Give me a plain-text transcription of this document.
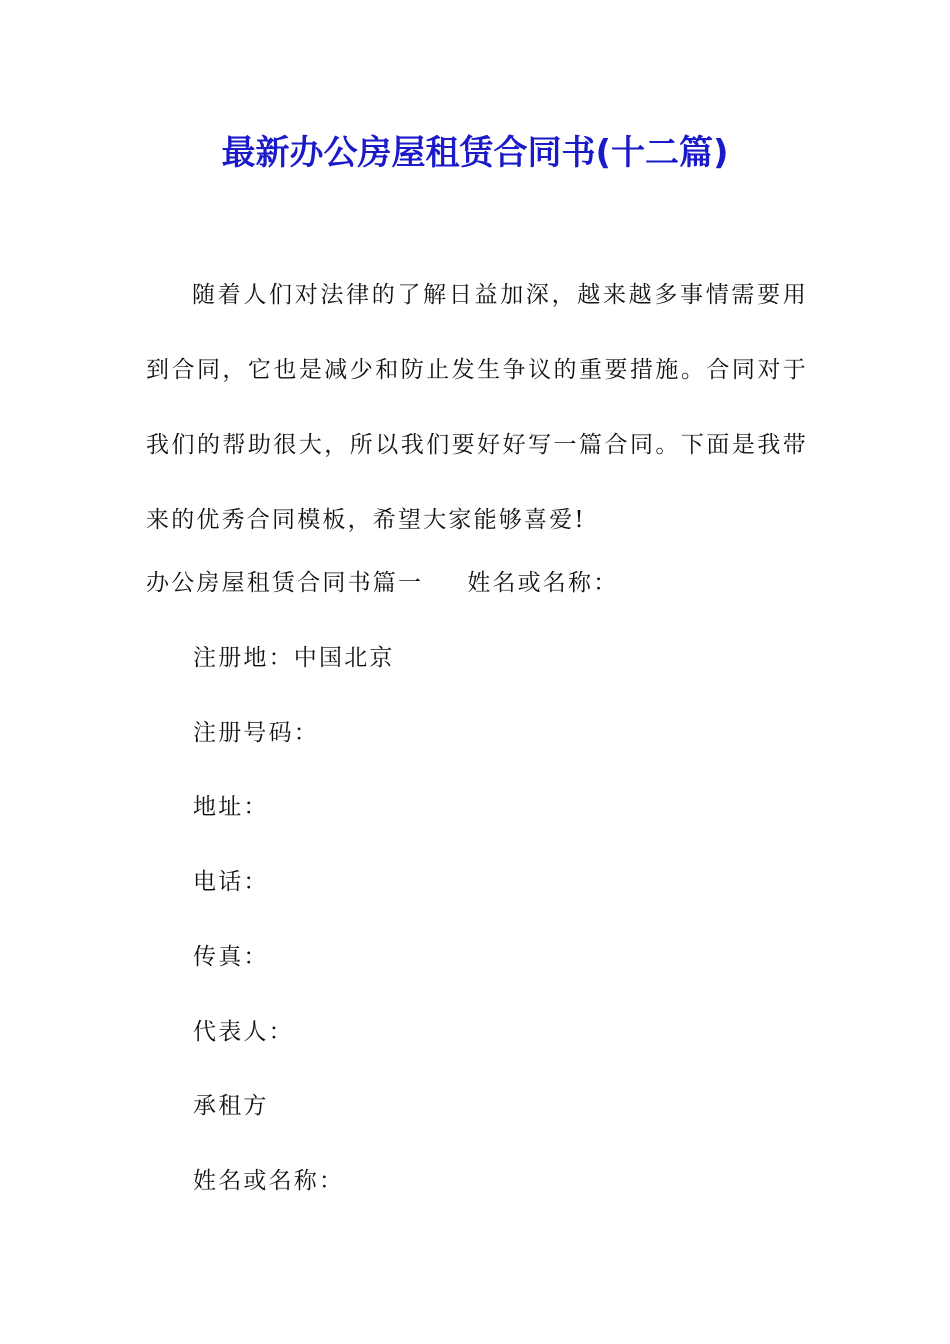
最新办公房屋租赁合同书(十二篇)

随着人们对法律的了解日益加深，越来越多事情需要用到合同，它也是减少和防止发生争议的重要措施。合同对于我们的帮助很大，所以我们要好好写一篇合同。下面是我带来的优秀合同模板，希望大家能够喜爱!

办公房屋租赁合同书篇一 姓名或名称：
注册地：中国北京
注册号码：
地址：
电话：
传真：
代表人：
承租方
姓名或名称：
